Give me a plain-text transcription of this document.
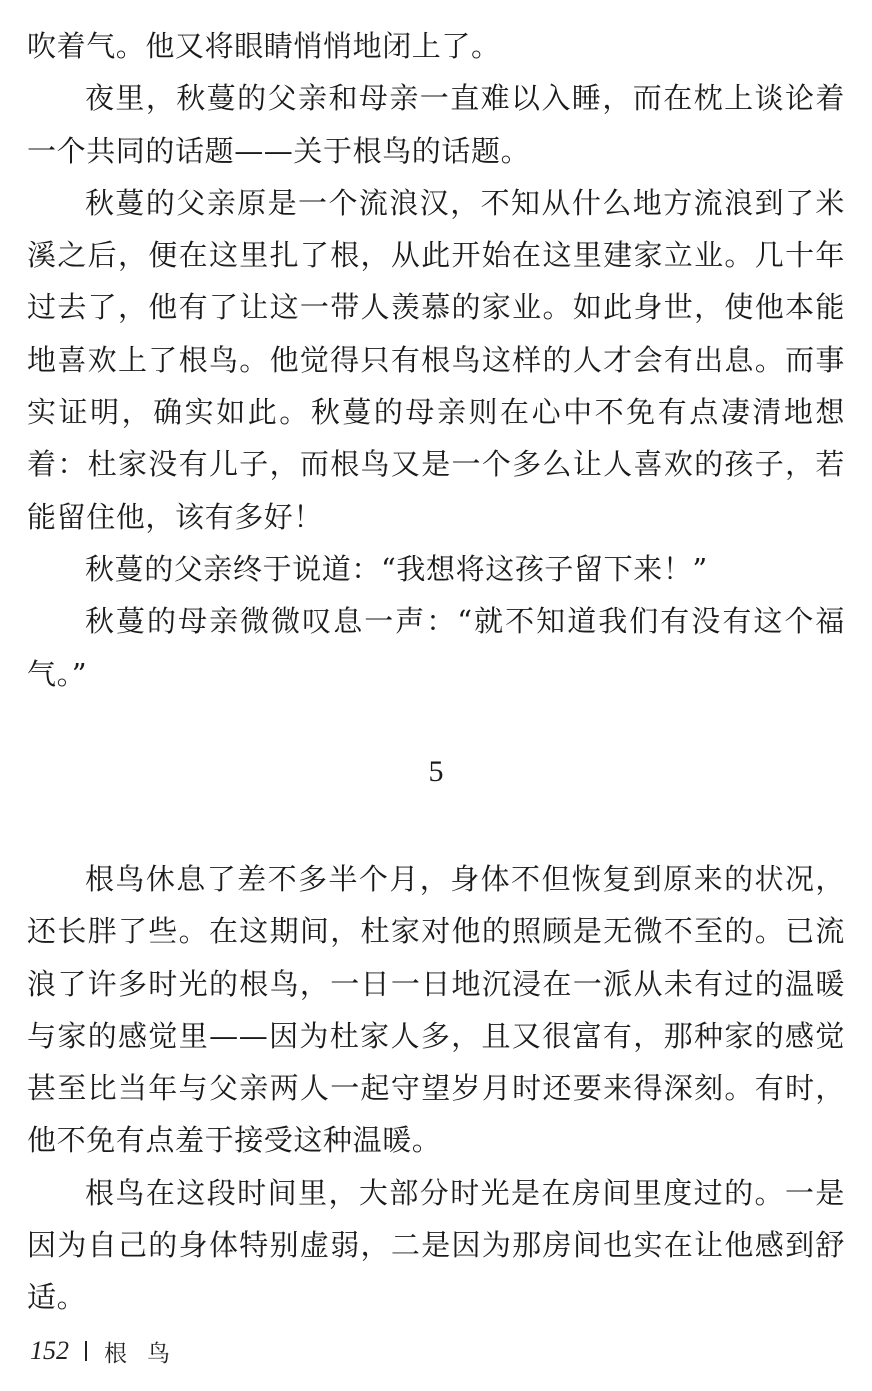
吹着气。他又将眼睛悄悄地闭上了。

夜里，秋蔓的父亲和母亲一直难以入睡，而在枕上谈论着一个共同的话题——关于根鸟的话题。

秋蔓的父亲原是一个流浪汉，不知从什么地方流浪到了米溪之后，便在这里扎了根，从此开始在这里建家立业。几十年过去了，他有了让这一带人羡慕的家业。如此身世，使他本能地喜欢上了根鸟。他觉得只有根鸟这样的人才会有出息。而事实证明，确实如此。秋蔓的母亲则在心中不免有点凄清地想着：杜家没有儿子，而根鸟又是一个多么让人喜欢的孩子，若能留住他，该有多好！

秋蔓的父亲终于说道：“我想将这孩子留下来！”

秋蔓的母亲微微叹息一声：“就不知道我们有没有这个福气。”

5

根鸟休息了差不多半个月，身体不但恢复到原来的状况，还长胖了些。在这期间，杜家对他的照顾是无微不至的。已流浪了许多时光的根鸟，一日一日地沉浸在一派从未有过的温暖与家的感觉里——因为杜家人多，且又很富有，那种家的感觉甚至比当年与父亲两人一起守望岁月时还要来得深刻。有时，他不免有点羞于接受这种温暖。

根鸟在这段时间里，大部分时光是在房间里度过的。一是因为自己的身体特别虚弱，二是因为那房间也实在让他感到舒适。

152 根鸟
